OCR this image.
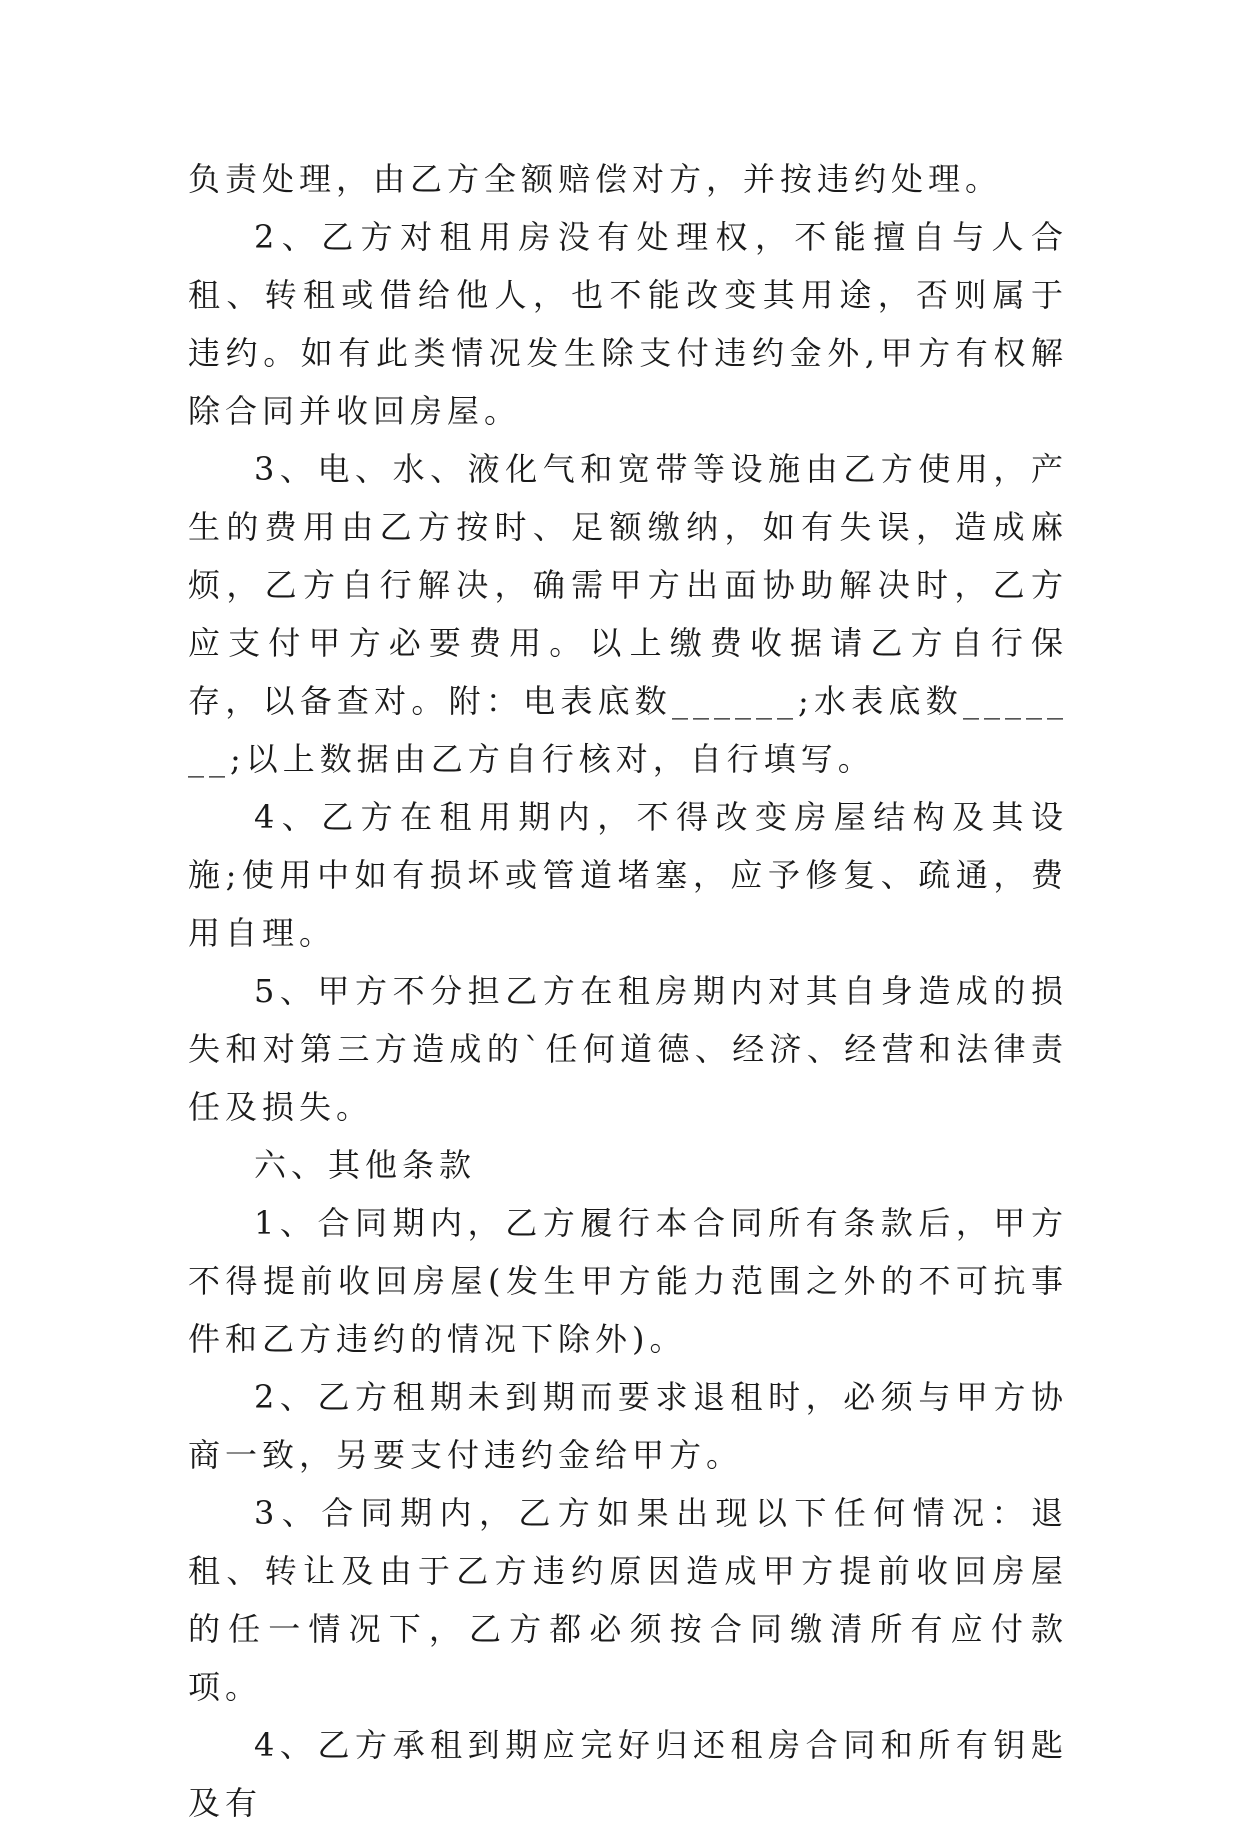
负责处理，由乙方全额赔偿对方，并按违约处理。

2、乙方对租用房没有处理权，不能擅自与人合租、转租或借给他人，也不能改变其用途，否则属于违约。如有此类情况发生除支付违约金外,甲方有权解除合同并收回房屋。

3、电、水、液化气和宽带等设施由乙方使用，产生的费用由乙方按时、足额缴纳，如有失误，造成麻烦，乙方自行解决，确需甲方出面协助解决时，乙方应支付甲方必要费用。以上缴费收据请乙方自行保存，以备查对。附：电表底数______;水表底数_______;以上数据由乙方自行核对，自行填写。

4、乙方在租用期内，不得改变房屋结构及其设施;使用中如有损坏或管道堵塞，应予修复、疏通，费用自理。

5、甲方不分担乙方在租房期内对其自身造成的损失和对第三方造成的`任何道德、经济、经营和法律责任及损失。

六、其他条款

1、合同期内，乙方履行本合同所有条款后，甲方不得提前收回房屋(发生甲方能力范围之外的不可抗事件和乙方违约的情况下除外)。

2、乙方租期未到期而要求退租时，必须与甲方协商一致，另要支付违约金给甲方。

3、合同期内，乙方如果出现以下任何情况：退租、转让及由于乙方违约原因造成甲方提前收回房屋的任一情况下，乙方都必须按合同缴清所有应付款项。

4、乙方承租到期应完好归还租房合同和所有钥匙及有
